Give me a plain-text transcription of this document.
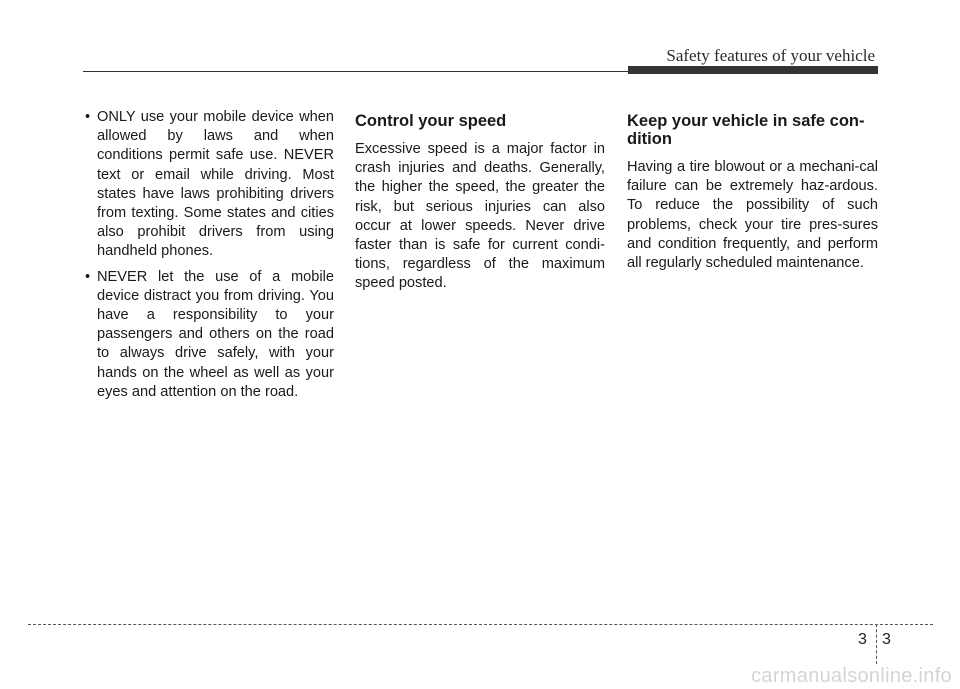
Safety features of your vehicle
• ONLY use your mobile device when allowed by laws and when conditions permit safe use. NEVER text or email while driving. Most states have laws prohibiting drivers from texting. Some states and cities also prohibit drivers from using handheld phones.
• NEVER let the use of a mobile device distract you from driving. You have a responsibility to your passengers and others on the road to always drive safely, with your hands on the wheel as well as your eyes and attention on the road.
Control your speed

Excessive speed is a major factor in crash injuries and deaths. Generally, the higher the speed, the greater the risk, but serious injuries can also occur at lower speeds. Never drive faster than is safe for current condi-tions, regardless of the maximum speed posted.

Keep your vehicle in safe con-dition

Having a tire blowout or a mechani-cal failure can be extremely haz-ardous. To reduce the possibility of such problems, check your tire pres-sures and condition frequently, and perform all regularly scheduled maintenance.

3 3
carmanualsonline.info
